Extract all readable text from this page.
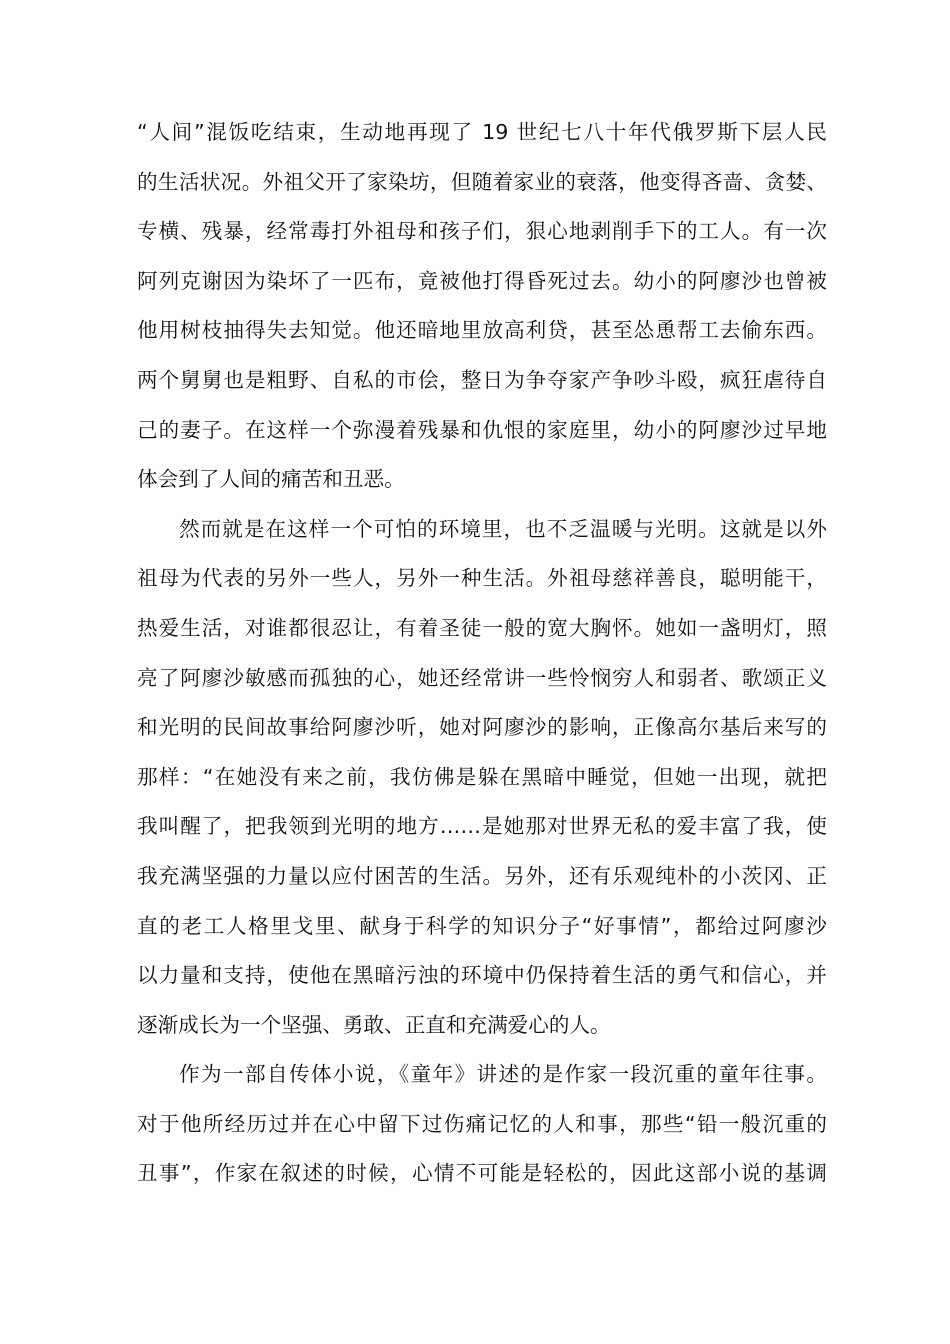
“人间”混饭吃结束，生动地再现了 19 世纪七八十年代俄罗斯下层人民
的生活状况。外祖父开了家染坊，但随着家业的衰落，他变得吝啬、贪婪、
专横、残暴，经常毒打外祖母和孩子们，狠心地剥削手下的工人。有一次
阿列克谢因为染坏了一匹布，竟被他打得昏死过去。幼小的阿廖沙也曾被
他用树枝抽得失去知觉。他还暗地里放高利贷，甚至怂恿帮工去偷东西。
两个舅舅也是粗野、自私的市侩，整日为争夺家产争吵斗殴，疯狂虐待自
己的妻子。在这样一个弥漫着残暴和仇恨的家庭里，幼小的阿廖沙过早地
体会到了人间的痛苦和丑恶。
然而就是在这样一个可怕的环境里，也不乏温暖与光明。这就是以外
祖母为代表的另外一些人，另外一种生活。外祖母慈祥善良，聪明能干，
热爱生活，对谁都很忍让，有着圣徒一般的宽大胸怀。她如一盏明灯，照
亮了阿廖沙敏感而孤独的心，她还经常讲一些怜悯穷人和弱者、歌颂正义
和光明的民间故事给阿廖沙听，她对阿廖沙的影响，正像高尔基后来写的
那样：“在她没有来之前，我仿佛是躲在黑暗中睡觉，但她一出现，就把
我叫醒了，把我领到光明的地方……是她那对世界无私的爱丰富了我，使
我充满坚强的力量以应付困苦的生活。另外，还有乐观纯朴的小茨冈、正
直的老工人格里戈里、献身于科学的知识分子“好事情”，都给过阿廖沙
以力量和支持，使他在黑暗污浊的环境中仍保持着生活的勇气和信心，并
逐渐成长为一个坚强、勇敢、正直和充满爱心的人。
作为一部自传体小说，《童年》讲述的是作家一段沉重的童年往事。
对于他所经历过并在心中留下过伤痛记忆的人和事，那些“铅一般沉重的
丑事”，作家在叙述的时候，心情不可能是轻松的，因此这部小说的基调
